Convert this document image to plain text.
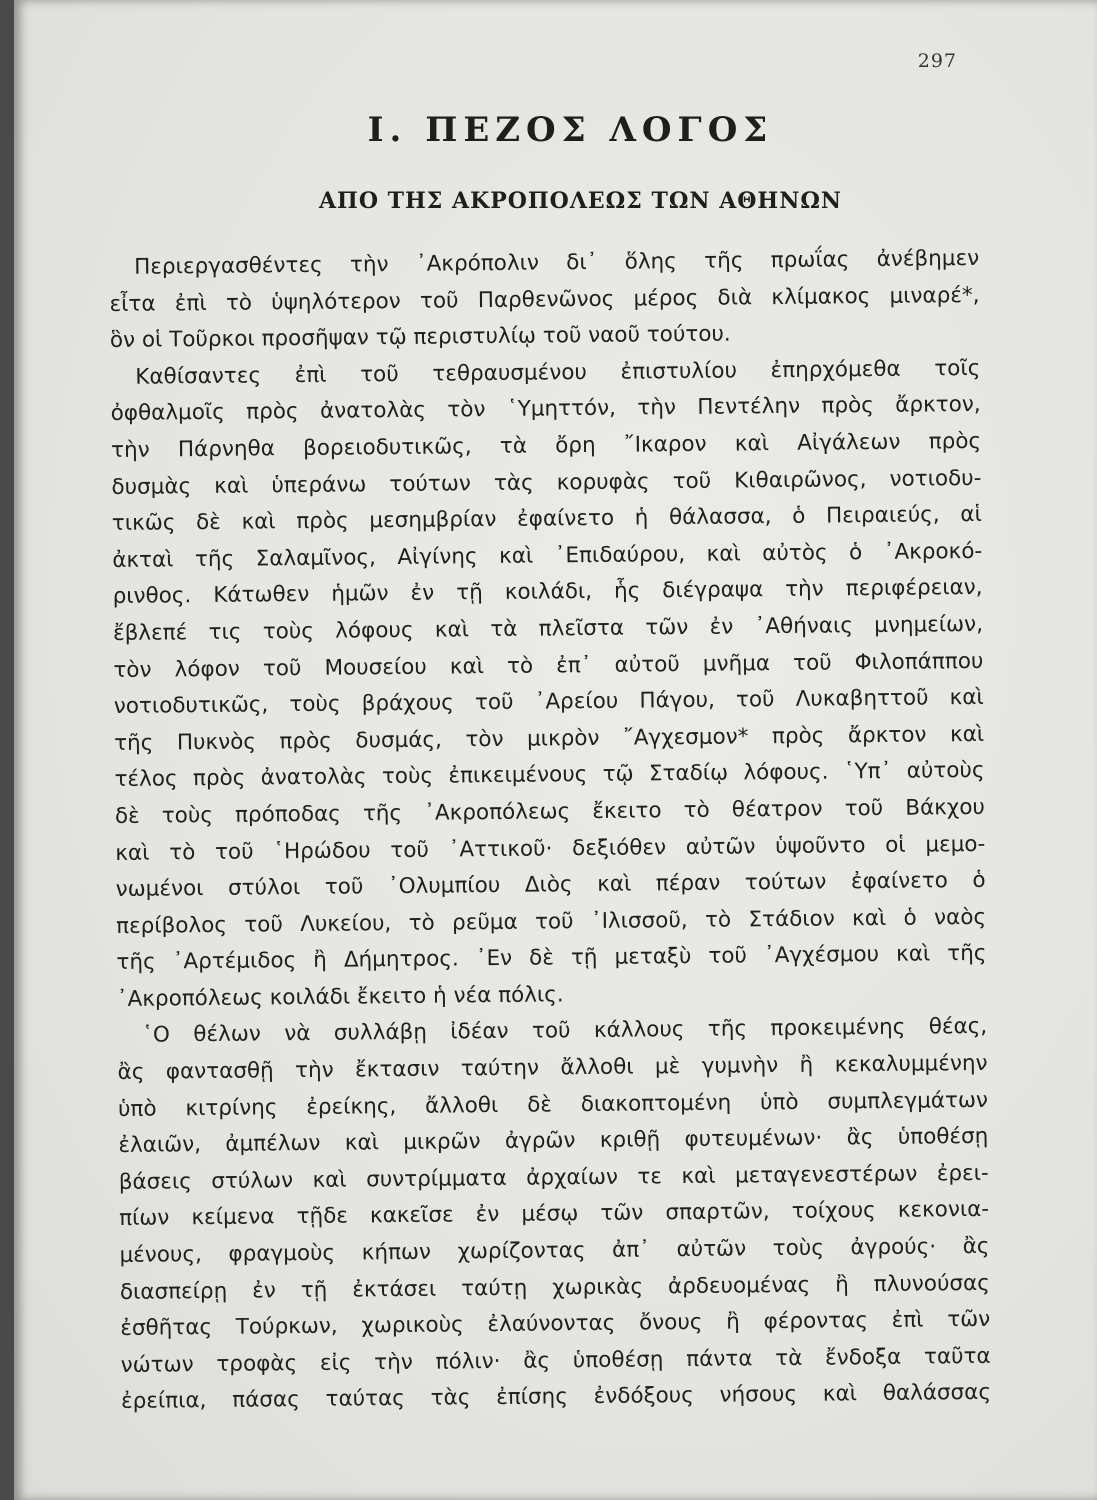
297
I. ΠΕΖΟΣ ΛΟΓΟΣ
ΑΠΟ ΤΗΣ ΑΚΡΟΠΟΛΕΩΣ ΤΩΝ ΑΘΗΝΩΝ
Περιεργασθέντες τὴν ᾿Ακρόπολιν δι᾿ ὅλης τῆς πρωΐας ἀνέβημεν
εἶτα ἐπὶ τὸ ὑψηλότερον τοῦ Παρθενῶνος μέρος διὰ κλίμακος μιναρέ*,
ὃν οἱ Τοῦρκοι προσῆψαν τῷ περιστυλίῳ τοῦ ναοῦ τούτου.
Καθίσαντες ἐπὶ τοῦ τεθραυσμένου ἐπιστυλίου ἐπηρχόμεθα τοῖς
ὀφθαλμοῖς πρὸς ἀνατολὰς τὸν ῾Υμηττόν, τὴν Πεντέλην πρὸς ἄρκτον,
τὴν Πάρνηθα βορειοδυτικῶς, τὰ ὄρη ῎Ικαρον καὶ Αἰγάλεων πρὸς
δυσμὰς καὶ ὑπεράνω τούτων τὰς κορυφὰς τοῦ Κιθαιρῶνος, νοτιοδυ-
τικῶς δὲ καὶ πρὸς μεσημβρίαν ἐφαίνετο ἡ θάλασσα, ὁ Πειραιεύς, αἱ
ἀκταὶ τῆς Σαλαμῖνος, Αἰγίνης καὶ ᾿Επιδαύρου, καὶ αὐτὸς ὁ ᾿Ακροκό-
ρινθος. Κάτωθεν ἡμῶν ἐν τῇ κοιλάδι, ἧς διέγραψα τὴν περιφέρειαν,
ἔβλεπέ τις τοὺς λόφους καὶ τὰ πλεῖστα τῶν ἐν ᾿Αθήναις μνημείων,
τὸν λόφον τοῦ Μουσείου καὶ τὸ ἐπ᾿ αὐτοῦ μνῆμα τοῦ Φιλοπάππου
νοτιοδυτικῶς, τοὺς βράχους τοῦ ᾿Αρείου Πάγου, τοῦ Λυκαβηττοῦ καὶ
τῆς Πυκνὸς πρὸς δυσμάς, τὸν μικρὸν ῎Αγχεσμον* πρὸς ἄρκτον καὶ
τέλος πρὸς ἀνατολὰς τοὺς ἐπικειμένους τῷ Σταδίῳ λόφους. ῾Υπ᾿ αὐτοὺς
δὲ τοὺς πρόποδας τῆς ᾿Ακροπόλεως ἔκειτο τὸ θέατρον τοῦ Βάκχου
καὶ τὸ τοῦ ῾Ηρώδου τοῦ ᾿Αττικοῦ· δεξιόθεν αὐτῶν ὑψοῦντο οἱ μεμο-
νωμένοι στύλοι τοῦ ᾿Ολυμπίου Διὸς καὶ πέραν τούτων ἐφαίνετο ὁ
περίβολος τοῦ Λυκείου, τὸ ρεῦμα τοῦ ᾿Ιλισσοῦ, τὸ Στάδιον καὶ ὁ ναὸς
τῆς ᾿Αρτέμιδος ἢ Δήμητρος. ᾿Εν δὲ τῇ μεταξὺ τοῦ ᾿Αγχέσμου καὶ τῆς
᾿Ακροπόλεως κοιλάδι ἔκειτο ἡ νέα πόλις.
῾Ο θέλων νὰ συλλάβῃ ἰδέαν τοῦ κάλλους τῆς προκειμένης θέας,
ἂς φαντασθῇ τὴν ἔκτασιν ταύτην ἄλλοθι μὲ γυμνὴν ἢ κεκαλυμμένην
ὑπὸ κιτρίνης ἐρείκης, ἄλλοθι δὲ διακοπτομένη ὑπὸ συμπλεγμάτων
ἐλαιῶν, ἀμπέλων καὶ μικρῶν ἀγρῶν κριθῇ φυτευμένων· ἂς ὑποθέσῃ
βάσεις στύλων καὶ συντρίμματα ἀρχαίων τε καὶ μεταγενεστέρων ἐρει-
πίων κείμενα τῇδε κακεῖσε ἐν μέσῳ τῶν σπαρτῶν, τοίχους κεκονια-
μένους, φραγμοὺς κήπων χωρίζοντας ἀπ᾿ αὐτῶν τοὺς ἀγρούς· ἂς
διασπείρῃ ἐν τῇ ἐκτάσει ταύτῃ χωρικὰς ἀρδευομένας ἢ πλυνούσας
ἐσθῆτας Τούρκων, χωρικοὺς ἐλαύνοντας ὄνους ἢ φέροντας ἐπὶ τῶν
νώτων τροφὰς εἰς τὴν πόλιν· ἂς ὑποθέσῃ πάντα τὰ ἔνδοξα ταῦτα
ἐρείπια, πάσας ταύτας τὰς ἐπίσης ἐνδόξους νήσους καὶ θαλάσσας
